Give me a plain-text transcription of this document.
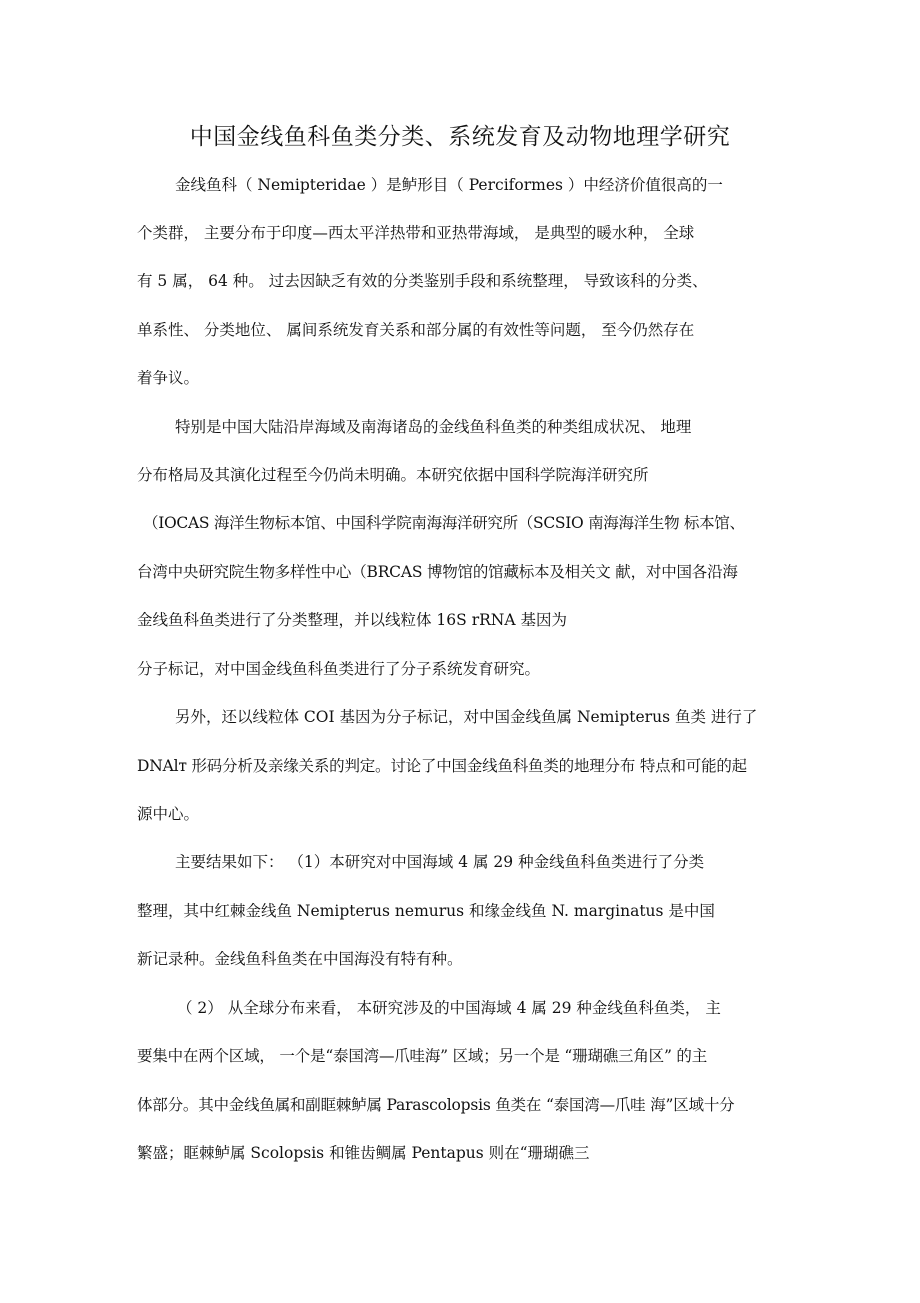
中国金线鱼科鱼类分类、系统发育及动物地理学研究
金线鱼科（ Nemipteridae ）是鲈形目（ Perciformes ）中经济价值很高的一
个类群， 主要分布于印度—西太平洋热带和亚热带海域， 是典型的暖水种， 全球
有 5 属， 64 种。 过去因缺乏有效的分类鉴别手段和系统整理， 导致该科的分类、
单系性、 分类地位、 属间系统发育关系和部分属的有效性等问题， 至今仍然存在
着争议。
特别是中国大陆沿岸海域及南海诸岛的金线鱼科鱼类的种类组成状况、 地理
分布格局及其演化过程至今仍尚未明确。本研究依据中国科学院海洋研究所
（IOCAS 海洋生物标本馆、中国科学院南海海洋研究所（SCSIO 南海海洋生物 标本馆、
台湾中央研究院生物多样性中心（BRCAS 博物馆的馆藏标本及相关文 献，对中国各沿海
金线鱼科鱼类进行了分类整理，并以线粒体 16S rRNA 基因为
分子标记，对中国金线鱼科鱼类进行了分子系统发育研究。
另外，还以线粒体 COI 基因为分子标记，对中国金线鱼属 Nemipterus 鱼类 进行了
DNAlт 形码分析及亲缘关系的判定。讨论了中国金线鱼科鱼类的地理分布 特点和可能的起
源中心。
主要结果如下： （1）本研究对中国海域 4 属 29 种金线鱼科鱼类进行了分类
整理，其中红棘金线鱼 Nemipterus nemurus 和缘金线鱼 N. marginatus 是中国
新记录种。金线鱼科鱼类在中国海没有特有种。
（ 2） 从全球分布来看， 本研究涉及的中国海域 4 属 29 种金线鱼科鱼类， 主
要集中在两个区域， 一个是“泰国湾—爪哇海” 区域；另一个是 “珊瑚礁三角区” 的主
体部分。其中金线鱼属和副眶棘鲈属 Parascolopsis 鱼类在 “泰国湾—爪哇 海”区域十分
繁盛；眶棘鲈属 Scolopsis 和锥齿鲷属 Pentapus 则在“珊瑚礁三
